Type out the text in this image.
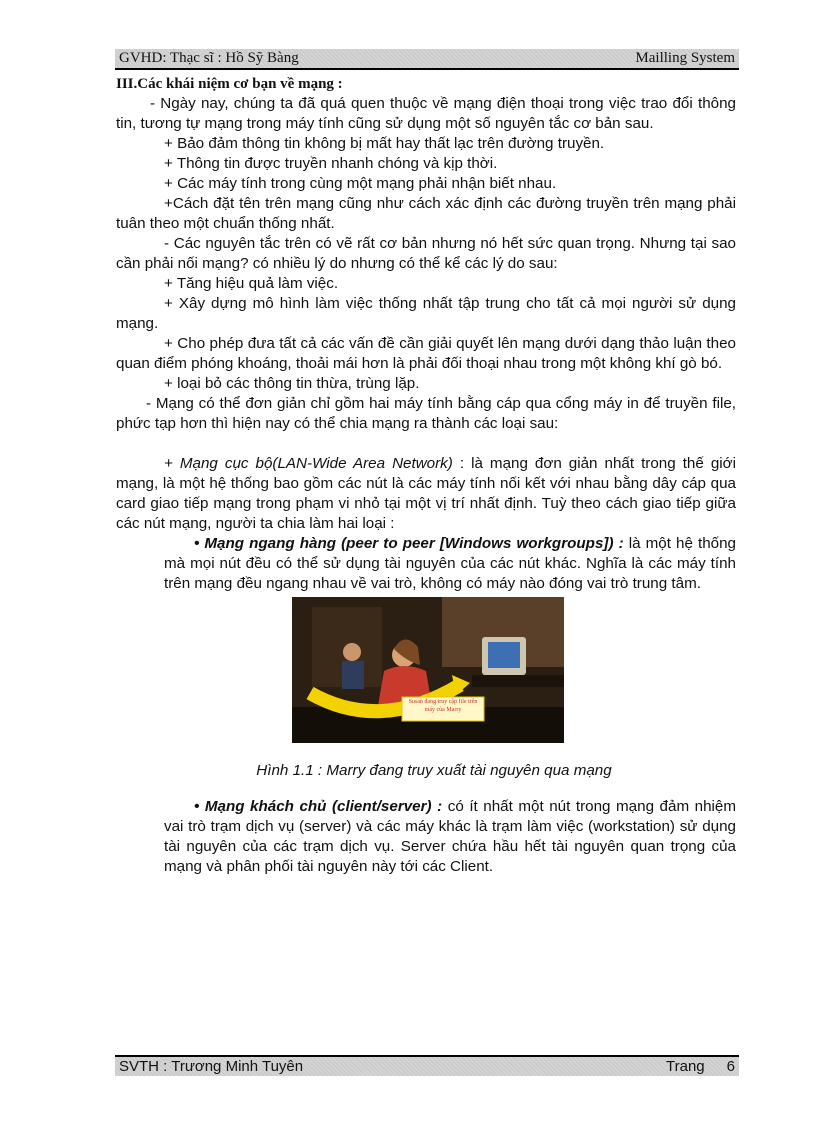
GVHD: Thạc sĩ : Hồ Sỹ Bàng	Mailling System

III.Các khái niệm cơ bạn về mạng :

- Ngày nay, chúng ta đã quá quen thuộc về mạng điện thoại trong việc trao đổi thông tin, tương tự mạng trong máy tính cũng sử dụng một số nguyên tắc cơ bản sau.

+ Bảo đảm thông tin không bị mất hay thất lạc trên đường truyền.

+ Thông tin được truyền nhanh chóng và kịp thời.

+ Các máy tính trong cùng một mạng phải nhận biết nhau.

+Cách đặt tên trên mạng cũng như cách xác định các đường truyền trên mạng phải tuân theo một chuẩn thống nhất.

- Các nguyên tắc trên có vẽ rất cơ bản nhưng nó hết sức quan trọng. Nhưng tại sao cần phải nối mạng? có nhiều lý do nhưng có thể kể các lý do sau:

+ Tăng hiệu quả làm việc.

+ Xây dựng mô hình làm việc thống nhất tập trung cho tất cả mọi người sử dụng mạng.

+ Cho phép đưa tất cả các vấn đề cần giải quyết lên mạng dưới dạng thảo luận theo quan điểm phóng khoáng, thoải mái hơn là phải đối thoại nhau trong một không khí gò bó.

+ loại bỏ các thông tin thừa, trùng lặp.

- Mạng có thể đơn giản chỉ gồm hai máy tính bằng cáp qua cổng máy in để truyền file, phức tạp hơn thì hiện nay có thể chia mạng ra thành các loại sau:

+ Mạng cục bộ(LAN-Wide Area Network) : là mạng đơn giản nhất trong thế giới mạng, là một hệ thống bao gồm các nút là các máy tính nối kết với nhau bằng dây cáp qua card giao tiếp mạng trong phạm vi nhỏ tại một vị trí nhất định. Tuỳ theo cách giao tiếp giữa các nút mạng, người ta chia làm hai loại :

• Mạng ngang hàng (peer to peer [Windows workgroups]) : là một hệ thống mà mọi nút đều có thể sử dụng tài nguyên của các nút khác. Nghĩa là các máy tính trên mạng đều ngang nhau về vai trò, không có máy nào đóng vai trò trung tâm.

Susan đang truy cập file trên máy của Marry

Hình 1.1 : Marry đang truy xuất tài nguyên qua mạng

• Mạng khách chủ (client/server) : có ít nhất một nút trong mạng đảm nhiệm vai trò trạm dịch vụ (server) và các máy khác là trạm làm việc (workstation) sử dụng tài nguyên của các trạm dịch vụ. Server chứa hầu hết tài nguyên quan trọng của mạng và phân phối tài nguyên này tới các Client.

SVTH : Trương Minh Tuyên	Trang 6
